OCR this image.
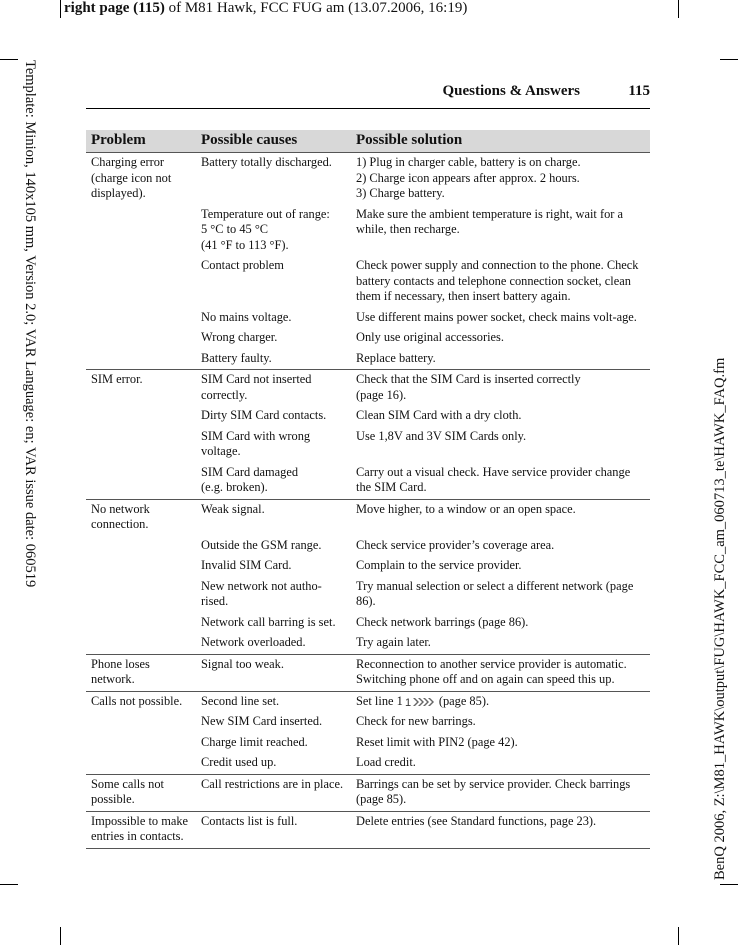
right page (115) of M81 Hawk, FCC FUG am (13.07.2006, 16:19)
Template: Minion, 140x105 mm, Version 2.0; VAR Language: en; VAR issue date: 060519
BenQ 2006, Z:\M81_HAWK\output\FUG\HAWK_FCC_am_060713_te\HAWK_FAQ.fm
Questions & Answers	115
Problem	Possible causes	Possible solution
Charging error (charge icon not displayed).	Battery totally discharged.	1) Plug in charger cable, battery is on charge.
2) Charge icon appears after approx. 2 hours.
3) Charge battery.

	Temperature out of range:
5 °C to 45 °C
(41 °F to 113 °F).	Make sure the ambient temperature is right, wait for a while, then recharge.
	Contact problem	Check power supply and connection to the phone. Check battery contacts and telephone connection socket, clean them if necessary, then insert battery again.
	No mains voltage.	Use different mains power socket, check mains volt-age.
	Wrong charger.	Only use original accessories.
	Battery faulty.	Replace battery.
SIM error.	SIM Card not inserted correctly.	Check that the SIM Card is inserted correctly
(page 16).

	Dirty SIM Card contacts.	Clean SIM Card with a dry cloth.
	SIM Card with wrong voltage.	Use 1,8V and 3V SIM Cards only.

	SIM Card damaged
(e.g. broken).	Carry out a visual check. Have service provider change the SIM Card.
No network connection.	Weak signal.	Move higher, to a window or an open space.
	Outside the GSM range.	Check service provider’s coverage area.
	Invalid SIM Card.	Complain to the service provider.
	New network not autho-rised.	Try manual selection or select a different network (page 86).
	Network call barring is set.	Check network barrings (page 86).
	Network overloaded.	Try again later.
Phone loses network.	Signal too weak.	Reconnection to another service provider is automatic. Switching phone off and on again can speed this up.
Calls not possible.	Second line set.	Set line 1 1 (page 85).
	New SIM Card inserted.	Check for new barrings.
	Charge limit reached.	Reset limit with PIN2 (page 42).
	Credit used up.	Load credit.
Some calls not possible.	Call restrictions are in place.	Barrings can be set by service provider. Check barrings (page 85).
Impossible to make entries in contacts.	Contacts list is full.	Delete entries (see Standard functions, page 23).
